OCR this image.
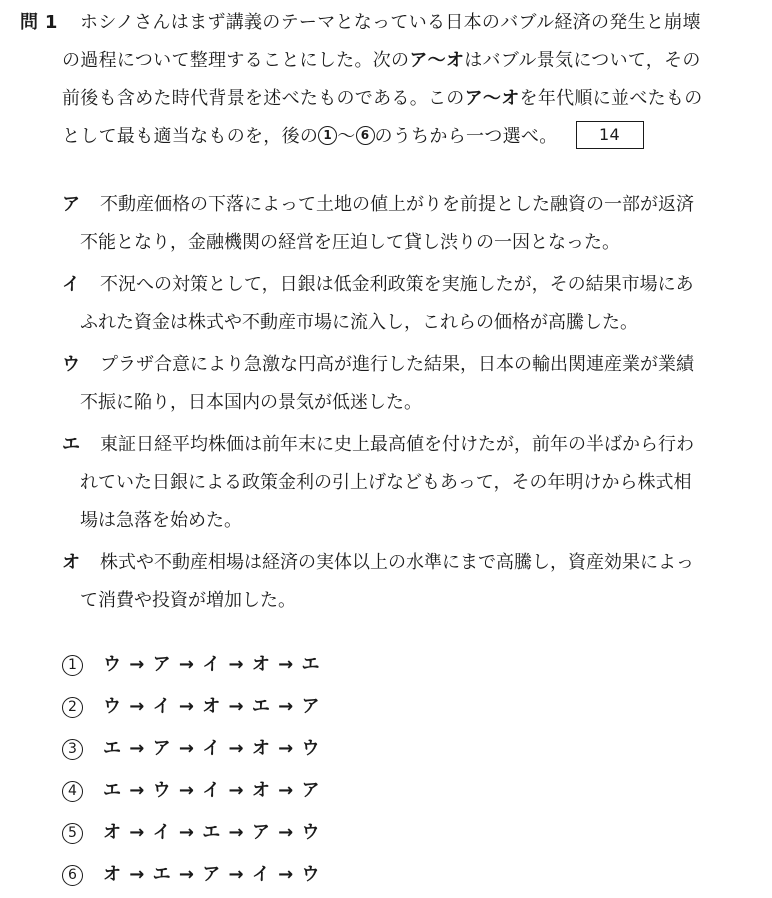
問 1　 ホシノさんはまず講義のテーマとなっている日本のバブル経済の発生と崩壊
の過程について整理することにした。次のア～オはバブル景気について，その
前後も含めた時代背景を述べたものである。このア～オを年代順に並べたもの
として最も適当なものを，後の 1 ～ 6 のうちから一つ選べ。	14
ア	不動産価格の下落によって土地の値上がりを前提とした融資の一部が返済
不能となり，金融機関の経営を圧迫して貸し渋りの一因となった。
イ	不況への対策として，日銀は低金利政策を実施したが，その結果市場にあ
ふれた資金は株式や不動産市場に流入し，これらの価格が高騰した。
ウ	プラザ合意により急激な円高が進行した結果，日本の輸出関連産業が業績
不振に陥り，日本国内の景気が低迷した。
エ	東証日経平均株価は前年末に史上最高値を付けたが，前年の半ばから行わ
れていた日銀による政策金利の引上げなどもあって，その年明けから株式相
場は急落を始めた。
オ	株式や不動産相場は経済の実体以上の水準にまで高騰し，資産効果によっ
て消費や投資が増加した。
1	ウ → ア → イ → オ → エ
2	ウ → イ → オ → エ → ア
3	エ → ア → イ → オ → ウ
4	エ → ウ → イ → オ → ア
5	オ → イ → エ → ア → ウ
6	オ → エ → ア → イ → ウ
